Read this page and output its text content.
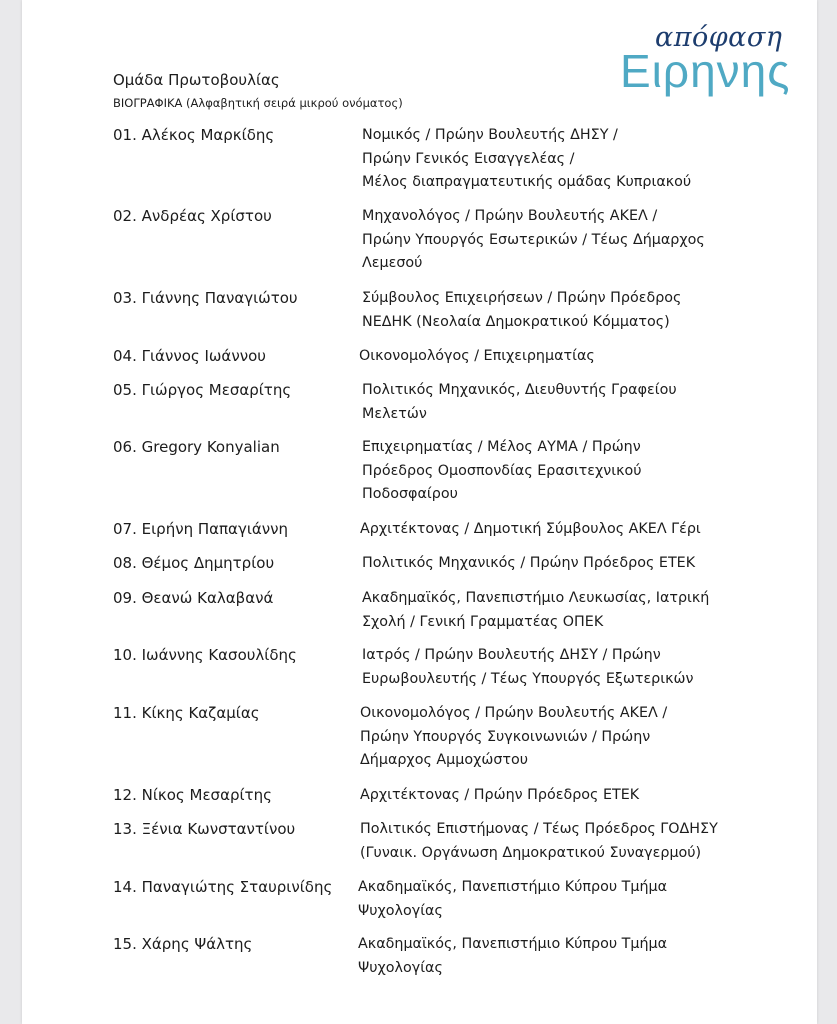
απόφαση
Ειρηνης
Ομάδα Πρωτοβουλίας
ΒΙΟΓΡΑΦΙΚΑ (Αλφαβητική σειρά μικρού ονόματος)
01. Αλέκος Μαρκίδης	Νομικός / Πρώην Βουλευτής ΔΗΣΥ /
Πρώην Γενικός Εισαγγελέας /
Μέλος διαπραγματευτικής ομάδας Κυπριακού
02. Ανδρέας Χρίστου	Μηχανολόγος / Πρώην Βουλευτής ΑΚΕΛ /
Πρώην Υπουργός Εσωτερικών / Τέως Δήμαρχος
Λεμεσού
03. Γιάννης Παναγιώτου	Σύμβουλος Επιχειρήσεων / Πρώην Πρόεδρος
ΝΕΔΗΚ (Νεολαία Δημοκρατικού Κόμματος)
04. Γιάννος Ιωάννου	Οικονομολόγος / Επιχειρηματίας
05. Γιώργος Μεσαρίτης	Πολιτικός Μηχανικός, Διευθυντής Γραφείου
Μελετών
06. Gregory Konyalian	Επιχειρηματίας / Μέλος ΑΥΜΑ / Πρώην
Πρόεδρος Ομοσπονδίας Ερασιτεχνικού
Ποδοσφαίρου
07. Ειρήνη Παπαγιάννη	Αρχιτέκτονας / Δημοτική Σύμβουλος ΑΚΕΛ Γέρι
08. Θέμος Δημητρίου	Πολιτικός Μηχανικός / Πρώην Πρόεδρος ΕΤΕΚ
09. Θεανώ Καλαβανά	Ακαδημαϊκός, Πανεπιστήμιο Λευκωσίας, Ιατρική
Σχολή / Γενική Γραμματέας ΟΠΕΚ
10. Ιωάννης Κασουλίδης	Ιατρός / Πρώην Βουλευτής ΔΗΣΥ / Πρώην
Ευρωβουλευτής / Τέως Υπουργός Εξωτερικών
11. Κίκης Καζαμίας	Οικονομολόγος / Πρώην Βουλευτής ΑΚΕΛ /
Πρώην Υπουργός Συγκοινωνιών / Πρώην
Δήμαρχος Αμμοχώστου
12. Νίκος Μεσαρίτης	Αρχιτέκτονας / Πρώην Πρόεδρος ΕΤΕΚ
13. Ξένια Κωνσταντίνου	Πολιτικός Επιστήμονας / Τέως Πρόεδρος ΓΟΔΗΣΥ
(Γυναικ. Οργάνωση Δημοκρατικού Συναγερμού)
14. Παναγιώτης Σταυρινίδης Ακαδημαϊκός, Πανεπιστήμιο Κύπρου Τμήμα
Ψυχολογίας
15. Χάρης Ψάλτης	Ακαδημαϊκός, Πανεπιστήμιο Κύπρου Τμήμα
Ψυχολογίας
